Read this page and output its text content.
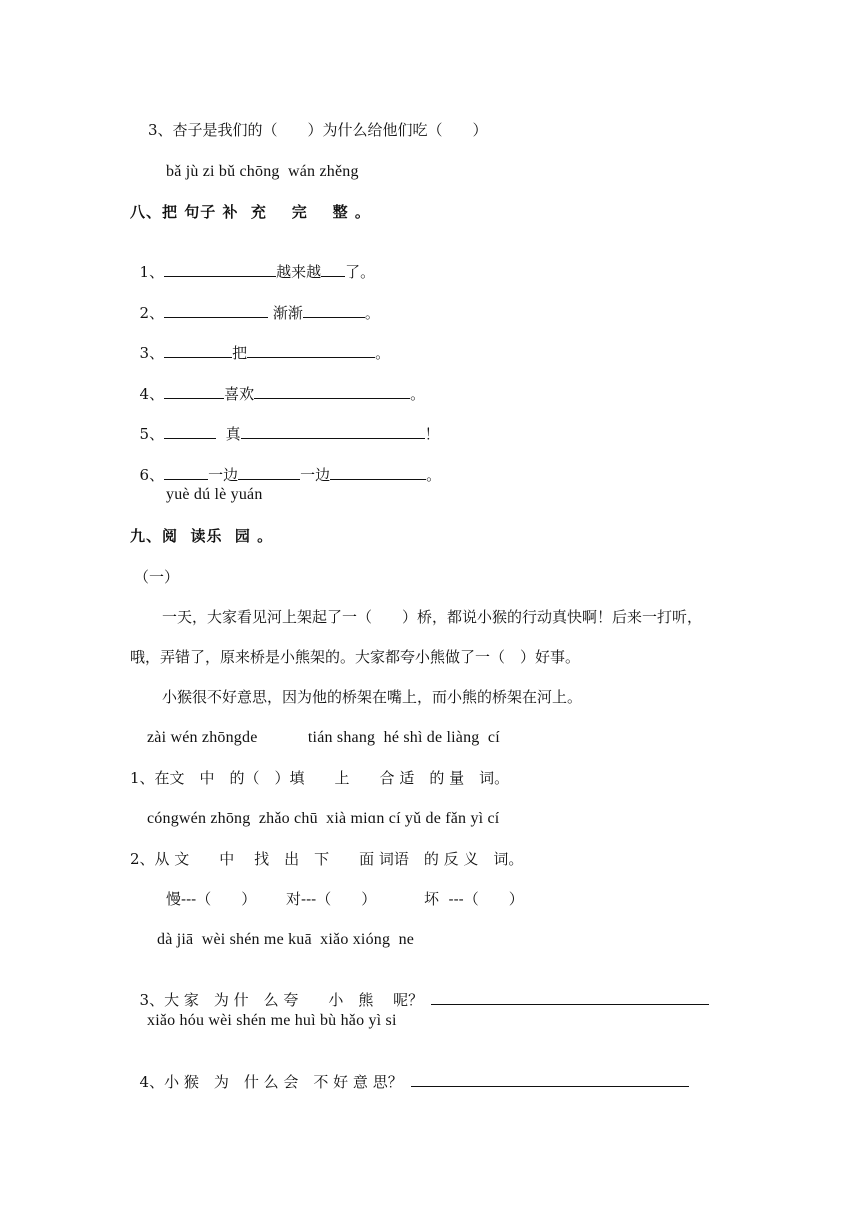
3、杏子是我们的（　　）为什么给他们吃（　　）
bǎ jù zi bǔ chōng  wán zhěng
八、把 句子 补  充    完    整 。

1、	越来越 了。

2、	渐渐	。

3、	把	。

4、	喜欢	。

5、	真	！

6、	一边	一边	。

yuè dú lè yuán
九、阅  读乐  园 。
（一）
一天，大家看见河上架起了一（　　）桥，都说小猴的行动真快啊！后来一打听，哦，弄错了，原来桥是小熊架的。大家都夸小熊做了一（　）好事。
小猴很不好意思，因为他的桥架在嘴上，而小熊的桥架在河上。
zài wén zhōngde            tián shang  hé shì de liàng  cí
1、在文　中　的（　）填　　上　　合 适　的 量　词。
cóngwén zhōng  zhǎo chū  xià miɑn cí yǔ de fǎn yì cí
2、从 文　　中　 找　出　下　　面 词语　的 反 义　词。
慢---（　　） 对---（　　）	坏  ---（　　）
dà jiā  wèi shén me kuā  xiǎo xióng  ne

3、大 家　为 什　么 夸　　小　熊　 呢？

xiǎo hóu wèi shén me huì bù hǎo yì si

4、小 猴　为　什 么 会　不 好 意 思？
